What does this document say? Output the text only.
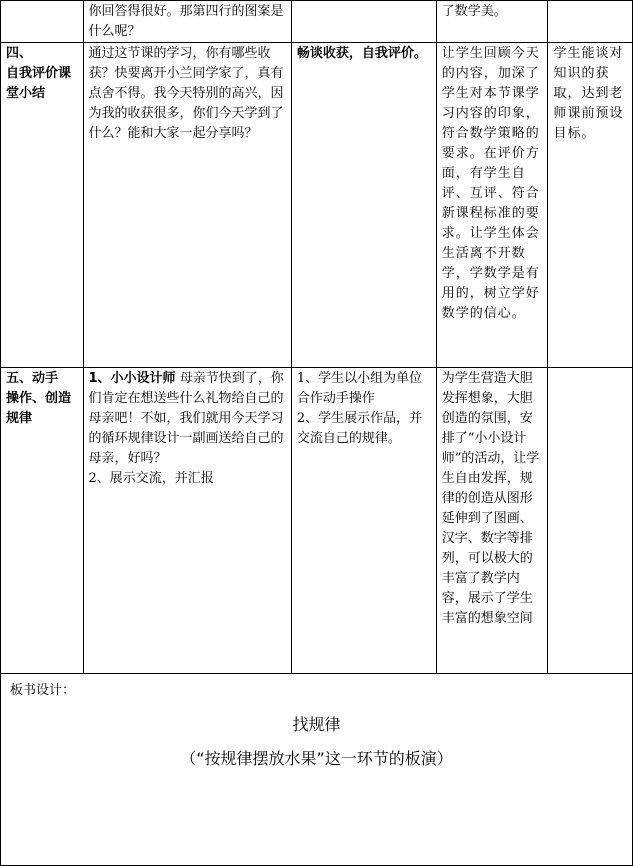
	你回答得很好。那第四行的图案是什么呢？		了数学美。	

四、
自我评价课堂小结	通过这节课的学习，你有哪些收获？快要离开小兰同学家了，真有点舍不得。我今天特别的高兴，因为我的收获很多，你们今天学到了什么？能和大家一起分享吗？	畅谈收获，自我评价。	让学生回顾今天的内容，加深了学生对本节课学习内容的印象，符合数学策略的要求。在评价方面，有学生自评、互评、符合新课程标准的要求。让学生体会生活离不开数学，学数学是有用的，树立学好数学的信心。	学生能谈对知识的获取，达到老师课前预设目标。

五、动手
操作、创造规律	1、小小设计师 母亲节快到了，你们肯定在想送些什么礼物给自己的母亲吧！不如，我们就用今天学习的循环规律设计一副画送给自己的母亲，好吗？
2、展示交流，并汇报	1、学生以小组为单位合作动手操作
2、学生展示作品，并交流自己的规律。	为学生营造大胆发挥想象，大胆创造的氛围，安排了“小小设计师”的活动，让学生自由发挥，规律的创造从图形延伸到了图画、汉字、数字等排列，可以极大的丰富了教学内容，展示了学生丰富的想象空间	

板书设计：
找规律
（“按规律摆放水果”这一环节的板演）				
